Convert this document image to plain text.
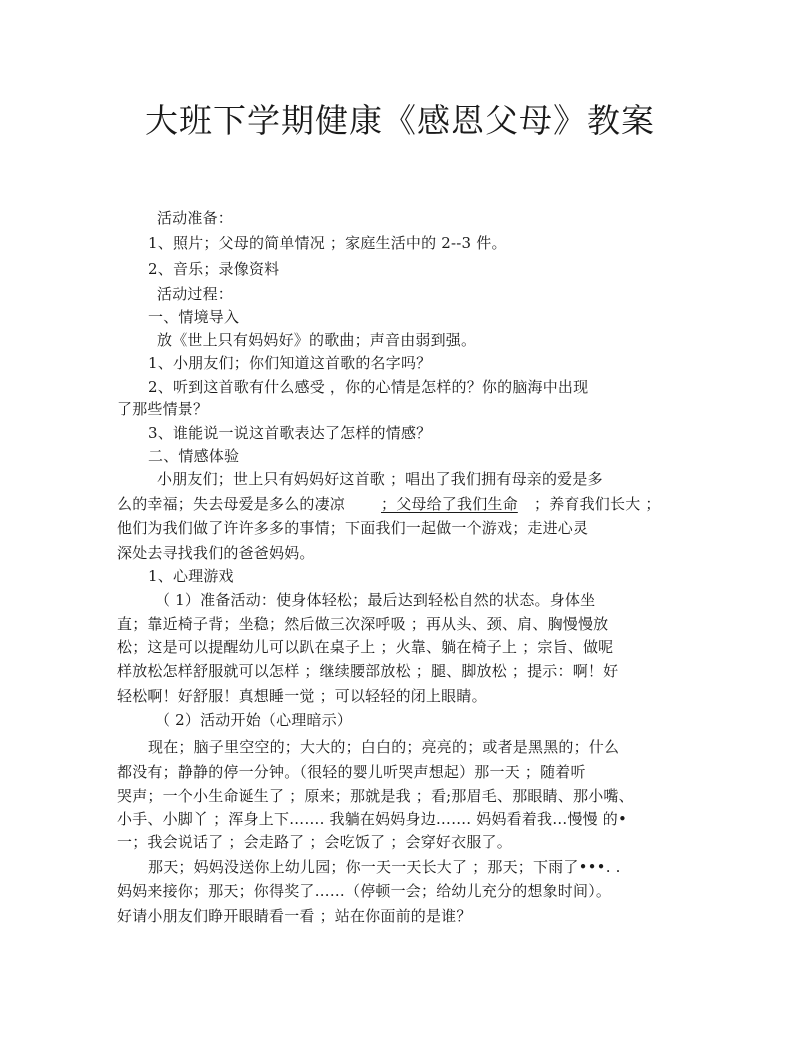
大班下学期健康《感恩父母》教案
活动准备：
1、照片；父母的简单情况 ；家庭生活中的 2--3 件。
2、音乐；录像资料
活动过程：
一、情境导入
放《世上只有妈妈好》的歌曲；声音由弱到强。
1、小朋友们；你们知道这首歌的名字吗？
2、听到这首歌有什么感受 ，你的心情是怎样的？你的脑海中出现
了那些情景？
3、谁能说一说这首歌表达了怎样的情感？
二、情感体验
小朋友们；世上只有妈妈好这首歌 ；唱出了我们拥有母亲的爱是多
么的幸福；失去母爱是多么的凄凉 ；父母给了我们生命 ；养育我们长大 ；
他们为我们做了许许多多的事情；下面我们一起做一个游戏；走进心灵
深处去寻找我们的爸爸妈妈。
1、心理游戏
（ 1）准备活动：使身体轻松；最后达到轻松自然的状态。身体坐
直；靠近椅子背；坐稳；然后做三次深呼吸 ；再从头、颈、肩、胸慢慢放
松；这是可以提醒幼儿可以趴在桌子上 ；火靠、躺在椅子上 ；宗旨、做呢
样放松怎样舒服就可以怎样 ；继续腰部放松 ；腿、脚放松 ；提示：啊！好
轻松啊！好舒服！真想睡一觉 ；可以轻轻的闭上眼睛。
（ 2）活动开始（心理暗示）
现在；脑子里空空的；大大的；白白的；亮亮的；或者是黑黑的；什么
都没有；静静的停一分钟。（很轻的婴儿听哭声想起）那一天 ；随着听
哭声；一个小生命诞生了 ；原来；那就是我 ；看;那眉毛、那眼睛、那小嘴、
小手、小脚丫 ；浑身上下……. 我躺在妈妈身边……. 妈妈看着我…慢慢 的•
一；我会说话了 ；会走路了 ；会吃饭了 ；会穿好衣服了。
那天；妈妈没送你上幼儿园；你一天一天长大了 ；那天；下雨了•••. .
妈妈来接你；那天；你得奖了……（停顿一会；给幼儿充分的想象时间）。
好请小朋友们睁开眼睛看一看 ；站在你面前的是谁？
